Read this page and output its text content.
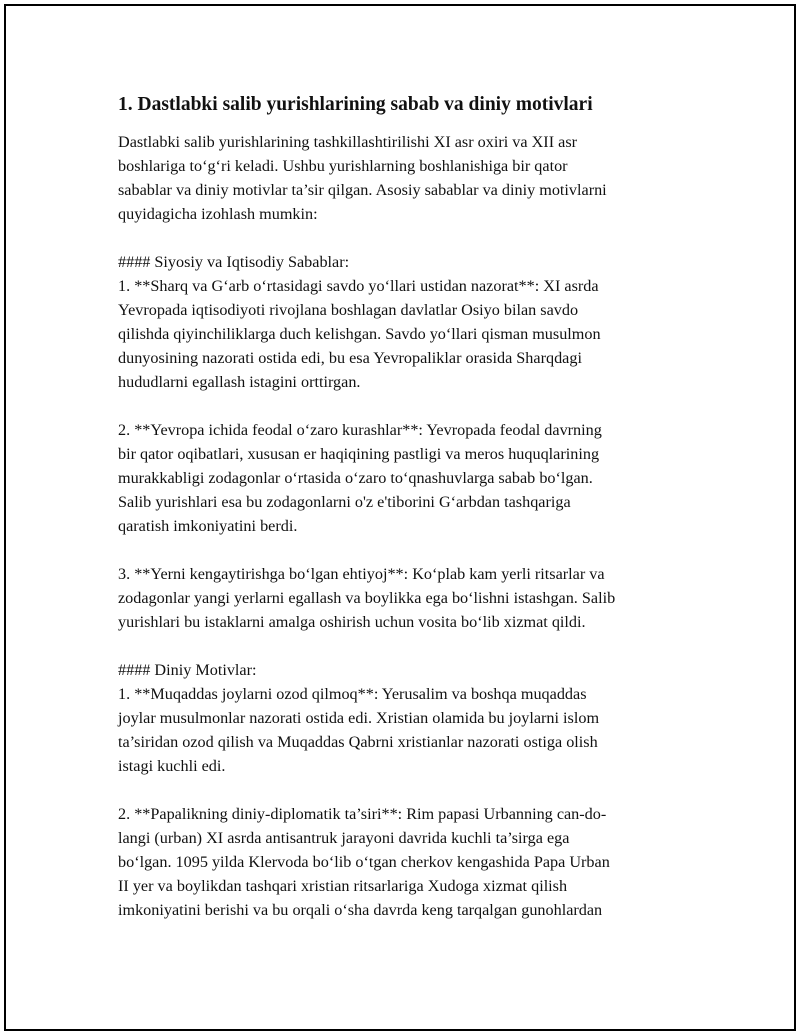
1. Dastlabki salib yurishlarining sabab va diniy motivlari
Dastlabki salib yurishlarining tashkillashtirilishi XI asr oxiri va XII asr
boshlariga to‘g‘ri keladi. Ushbu yurishlarning boshlanishiga bir qator
sabablar va diniy motivlar ta’sir qilgan. Asosiy sabablar va diniy motivlarni
quyidagicha izohlash mumkin:
#### Siyosiy va Iqtisodiy Sabablar:
1. **Sharq va G‘arb o‘rtasidagi savdo yo‘llari ustidan nazorat**: XI asrda
Yevropada iqtisodiyoti rivojlana boshlagan davlatlar Osiyo bilan savdo
qilishda qiyinchiliklarga duch kelishgan. Savdo yo‘llari qisman musulmon
dunyosining nazorati ostida edi, bu esa Yevropaliklar orasida Sharqdagi
hududlarni egallash istagini orttirgan.
2. **Yevropa ichida feodal o‘zaro kurashlar**: Yevropada feodal davrning
bir qator oqibatlari, xususan er haqiqining pastligi va meros huquqlarining
murakkabligi zodagonlar o‘rtasida o‘zaro to‘qnashuvlarga sabab bo‘lgan.
Salib yurishlari esa bu zodagonlarni o'z e'tiborini G‘arbdan tashqariga
qaratish imkoniyatini berdi.
3. **Yerni kengaytirishga bo‘lgan ehtiyoj**: Ko‘plab kam yerli ritsarlar va
zodagonlar yangi yerlarni egallash va boylikka ega bo‘lishni istashgan. Salib
yurishlari bu istaklarni amalga oshirish uchun vosita bo‘lib xizmat qildi.
#### Diniy Motivlar:
1. **Muqaddas joylarni ozod qilmoq**: Yerusalim va boshqa muqaddas
joylar musulmonlar nazorati ostida edi. Xristian olamida bu joylarni islom
ta’siridan ozod qilish va Muqaddas Qabrni xristianlar nazorati ostiga olish
istagi kuchli edi.
2. **Papalikning diniy-diplomatik ta’siri**: Rim papasi Urbanning can-do-
langi (urban) XI asrda antisantruk jarayoni davrida kuchli ta’sirga ega
bo‘lgan. 1095 yilda Klervoda bo‘lib o‘tgan cherkov kengashida Papa Urban
II yer va boylikdan tashqari xristian ritsarlariga Xudoga xizmat qilish
imkoniyatini berishi va bu orqali o‘sha davrda keng tarqalgan gunohlardan
